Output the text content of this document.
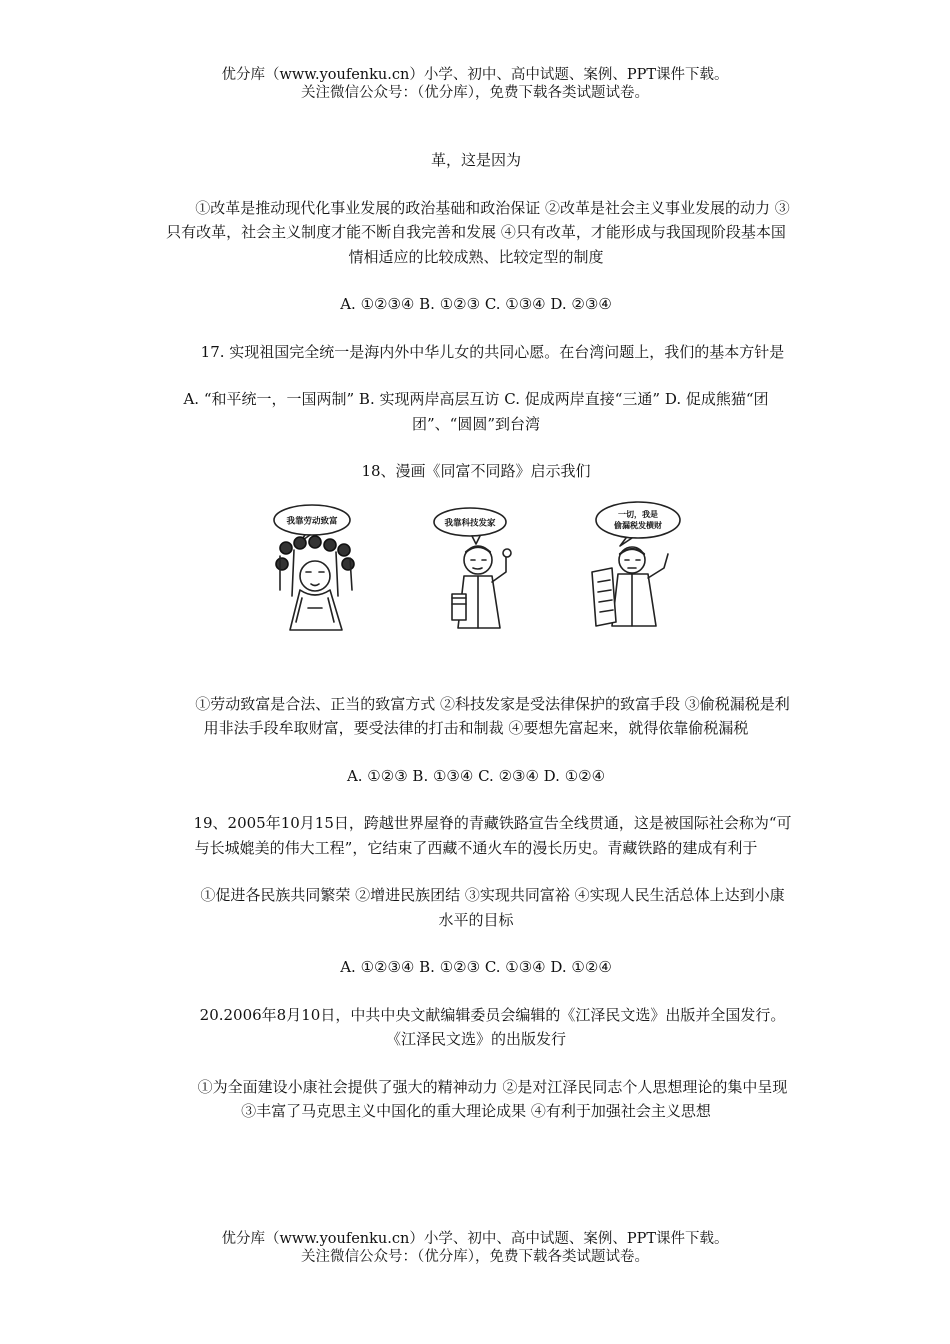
优分库（www.youfenku.cn）小学、初中、高中试题、案例、PPT课件下载。
关注微信公众号：（优分库），免费下载各类试题试卷。

革，这是因为

①改革是推动现代化事业发展的政治基础和政治保证 ②改革是社会主义事业发展的动力 ③只有改革，社会主义制度才能不断自我完善和发展 ④只有改革，才能形成与我国现阶段基本国情相适应的比较成熟、比较定型的制度

A. ①②③④ B. ①②③ C. ①③④ D. ②③④

17. 实现祖国完全统一是海内外中华儿女的共同心愿。在台湾问题上，我们的基本方针是

A. “和平统一，一国两制” B. 实现两岸高层互访 C. 促成两岸直接“三通” D. 促成熊猫“团团”、“圆圆”到台湾

18、漫画《同富不同路》启示我们

我靠劳动致富	我靠科技发家
一切，我是
偷漏税发横财

①劳动致富是合法、正当的致富方式 ②科技发家是受法律保护的致富手段 ③偷税漏税是利用非法手段牟取财富，要受法律的打击和制裁 ④要想先富起来，就得依靠偷税漏税

A. ①②③ B. ①③④ C. ②③④ D. ①②④

19、2005年10月15日，跨越世界屋脊的青藏铁路宣告全线贯通，这是被国际社会称为“可与长城媲美的伟大工程”，它结束了西藏不通火车的漫长历史。青藏铁路的建成有利于

①促进各民族共同繁荣 ②增进民族团结 ③实现共同富裕 ④实现人民生活总体上达到小康水平的目标

A. ①②③④ B. ①②③ C. ①③④ D. ①②④

20.2006年8月10日，中共中央文献编辑委员会编辑的《江泽民文选》出版并全国发行。《江泽民文选》的出版发行

①为全面建设小康社会提供了强大的精神动力 ②是对江泽民同志个人思想理论的集中呈现 ③丰富了马克思主义中国化的重大理论成果 ④有利于加强社会主义思想

优分库（www.youfenku.cn）小学、初中、高中试题、案例、PPT课件下载。
关注微信公众号：（优分库），免费下载各类试题试卷。
